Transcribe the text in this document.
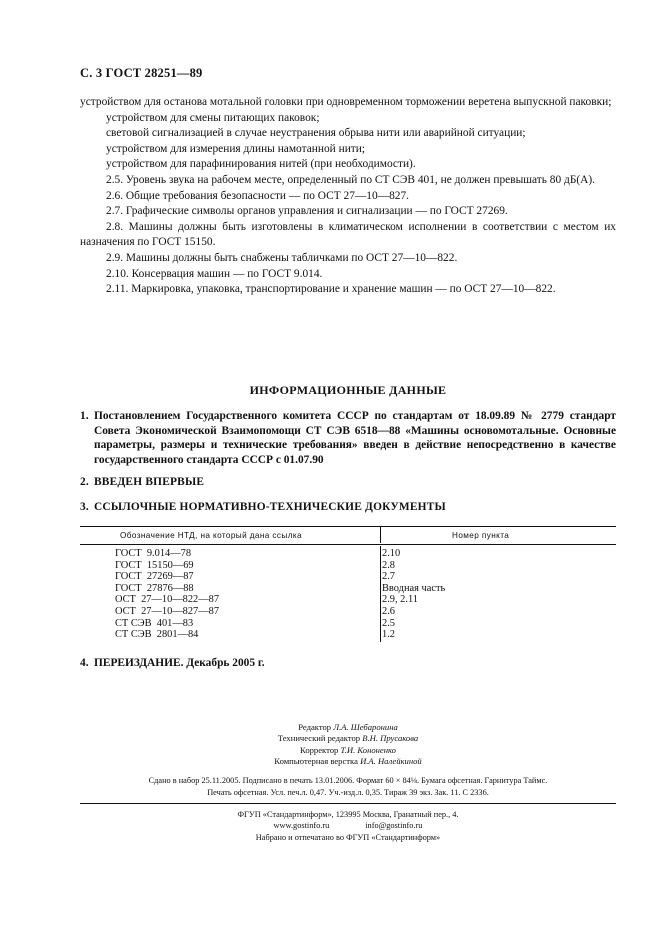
С. 3 ГОСТ 28251—89

устройством для останова мотальной головки при одновременном торможении веретена выпускной паковки;

устройством для смены питающих паковок;

световой сигнализацией в случае неустранения обрыва нити или аварийной ситуации;

устройством для измерения длины намотанной нити;

устройством для парафинирования нитей (при необходимости).

2.5. Уровень звука на рабочем месте, определенный по СТ СЭВ 401, не должен превышать 80 дБ(А).

2.6. Общие требования безопасности — по ОСТ 27—10—827.

2.7. Графические символы органов управления и сигнализации — по ГОСТ 27269.

2.8. Машины должны быть изготовлены в климатическом исполнении в соответствии с местом их назначения по ГОСТ 15150.

2.9. Машины должны быть снабжены табличками по ОСТ 27—10—822.

2.10. Консервация машин — по ГОСТ 9.014.

2.11. Маркировка, упаковка, транспортирование и хранение машин — по ОСТ 27—10—822.

ИНФОРМАЦИОННЫЕ ДАННЫЕ
1. Постановлением Государственного комитета СССР по стандартам от 18.09.89 № 2779 стандарт Совета Экономической Взаимопомощи СТ СЭВ 6518—88 «Машины основомотальные. Основные параметры, размеры и технические требования» введен в действие непосредственно в качестве государственного стандарта СССР с 01.07.90
2. ВВЕДЕН ВПЕРВЫЕ
3. ССЫЛОЧНЫЕ НОРМАТИВНО-ТЕХНИЧЕСКИЕ ДОКУМЕНТЫ
Обозначение НТД, на который дана ссылка	Номер пункта
ГОСТ  9.014—78	2.10
ГОСТ  15150—69	2.8
ГОСТ  27269—87	2.7
ГОСТ  27876—88	Вводная часть
ОСТ  27—10—822—87	2.9, 2.11
ОСТ  27—10—827—87	2.6
СТ СЭВ  401—83	2.5
СТ СЭВ  2801—84	1.2
4. ПЕРЕИЗДАНИЕ. Декабрь 2005 г.
Редактор Л.А. Шебаронина
Технический редактор В.Н. Прусакова
Корректор Т.И. Кононенко
Компьютерная верстка И.А. Налейкиной
Сдано в набор 25.11.2005. Подписано в печать 13.01.2006. Формат 60 × 84⅛. Бумага офсетная. Гарнитура Таймс.
Печать офсетная. Усл. печ.л. 0,47. Уч.-изд.л. 0,35. Тираж 39 экз. Зак. 11. С 2336.
ФГУП «Стандартинформ», 123995 Москва, Гранатный пер., 4.
www.gostinfo.ru	info@gostinfo.ru
Набрано и отпечатано во ФГУП «Стандартинформ»
